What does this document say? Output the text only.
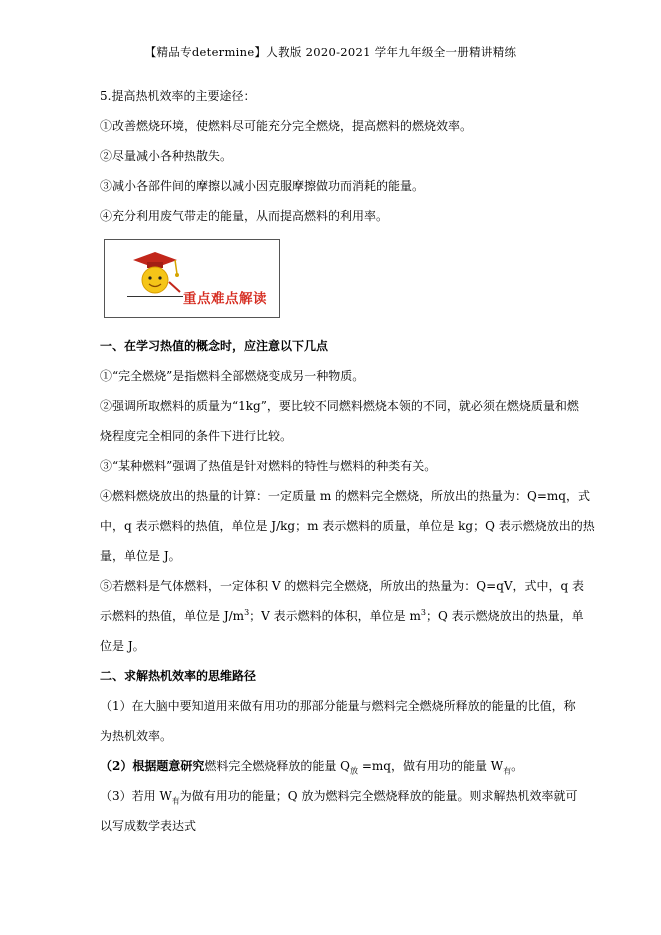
【精品专determine】人教版 2020-2021 学年九年级全一册精讲精练
5.提高热机效率的主要途径：
①改善燃烧环境，使燃料尽可能充分完全燃烧，提高燃料的燃烧效率。
②尽量减小各种热散失。
③减小各部件间的摩擦以减小因克服摩擦做功而消耗的能量。
④充分利用废气带走的能量，从而提高燃料的利用率。
重点难点解读
一、在学习热值的概念时，应注意以下几点
①“完全燃烧”是指燃料全部燃烧变成另一种物质。
②强调所取燃料的质量为“1kg”，要比较不同燃料燃烧本领的不同，就必须在燃烧质量和燃
烧程度完全相同的条件下进行比较。
③“某种燃料”强调了热值是针对燃料的特性与燃料的种类有关。
④燃料燃烧放出的热量的计算：一定质量 m 的燃料完全燃烧，所放出的热量为：Q=mq，式
中，q 表示燃料的热值，单位是 J/kg；m 表示燃料的质量，单位是 kg；Q 表示燃烧放出的热
量，单位是 J。
⑤若燃料是气体燃料，一定体积 V 的燃料完全燃烧，所放出的热量为：Q=qV，式中，q 表
示燃料的热值，单位是 $J/m^3$；V 表示燃料的体积，单位是 $m^3$；Q 表示燃烧放出的热量，单
位是 J。
二、求解热机效率的思维路径
（1）在大脑中要知道用来做有用功的那部分能量与燃料完全燃烧所释放的能量的比值，称
为热机效率。
（2）根据题意研究燃料完全燃烧释放的能量 $Q_放 =mq$，做有用功的能量 $W_有$。
（3）若用 $W_有$为做有用功的能量；Q 放为燃料完全燃烧释放的能量。则求解热机效率就可
以写成数学表达式
